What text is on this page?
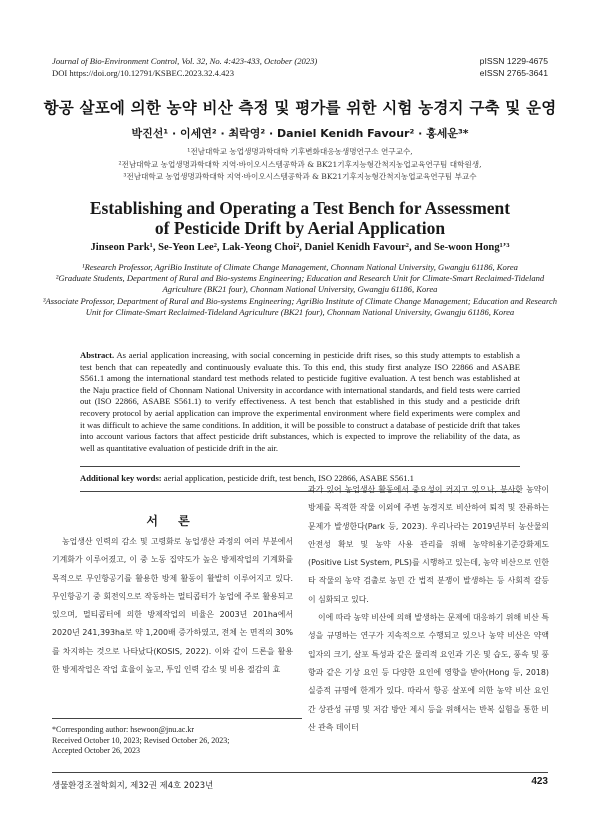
Journal of Bio-Environment Control, Vol. 32, No. 4:423-433, October (2023)
DOI https://doi.org/10.12791/KSBEC.2023.32.4.423
pISSN 1229-4675
eISSN 2765-3641
항공 살포에 의한 농약 비산 측정 및 평가를 위한 시험 농경지 구축 및 운영
박진선¹ · 이세연² · 최락영² · Daniel Kenidh Favour² · 홍세운³*
¹전남대학교 농업생명과학대학 기후변화대응농생명연구소 연구교수,
²전남대학교 농업생명과학대학 지역·바이오시스템공학과 & BK21기후지능형간척지농업교육연구팀 대학원생,
³전남대학교 농업생명과학대학 지역·바이오시스템공학과 & BK21기후지능형간척지농업교육연구팀 부교수
Establishing and Operating a Test Bench for Assessment
of Pesticide Drift by Aerial Application
Jinseon Park¹, Se-Yeon Lee², Lak-Yeong Choi², Daniel Kenidh Favour², and Se-woon Hong¹ʼ³
¹Research Professor, AgriBio Institute of Climate Change Management, Chonnam National University, Gwangju 61186, Korea
²Graduate Students, Department of Rural and Bio-systems Engineering; Education and Research Unit for Climate-Smart Reclaimed-Tideland Agriculture (BK21 four), Chonnam National University, Gwangju 61186, Korea
³Associate Professor, Department of Rural and Bio-systems Engineering; AgriBio Institute of Climate Change Management; Education and Research Unit for Climate-Smart Reclaimed-Tideland Agriculture (BK21 four), Chonnam National University, Gwangju 61186, Korea
Abstract. As aerial application increasing, with social concerning in pesticide drift rises, so this study attempts to establish a test bench that can repeatedly and continuously evaluate this. To this end, this study first analyze ISO 22866 and ASABE S561.1 among the international standard test methods related to pesticide fugitive evaluation. A test bench was established at the Naju practice field of Chonnam National University in accordance with international standards, and field tests were carried out (ISO 22866, ASABE S561.1) to verify effectiveness. A test bench that established in this study and a pesticide drift recovery protocol by aerial application can improve the experimental environment where field experiments were complex and it was difficult to achieve the same conditions. In addition, it will be possible to construct a database of pesticide drift that takes into account various factors that affect pesticide drift substances, which is expected to improve the reliability of the data, as well as quantitative evaluation of pesticide drift in the air.
Additional key words: aerial application, pesticide drift, test bench, ISO 22866, ASABE S561.1
서 론

농업생산 인력의 감소 및 고령화로 농업생산 과정의 여러 부분에서 기계화가 이루어졌고, 이 중 노동 집약도가 높은 방제작업의 기계화를 목적으로 무인항공기를 활용한 방제 활동이 활발히 이루어지고 있다. 무인항공기 중 회전익으로 작동하는 멀티콥터가 농업에 주로 활용되고 있으며, 멀티콥터에 의한 방제작업의 비율은 2003년 201ha에서 2020년 241,393ha로 약 1,200배 증가하였고, 전체 논 면적의 30%를 차지하는 것으로 나타났다(KOSIS, 2022). 이와 같이 드론을 활용한 방제작업은 작업 효율이 높고, 투입 인력 감소 및 비용 절감의 효

과가 있어 농업생산 활동에서 중요성이 커지고 있으나, 분사한 농약이 방제를 목적한 작물 이외에 주변 농경지로 비산하여 퇴적 및 잔류하는 문제가 발생한다(Park 등, 2023). 우리나라는 2019년부터 농산물의 안전성 확보 및 농약 사용 관리를 위해 농약허용기준강화제도(Positive List System, PLS)를 시행하고 있는데, 농약 비산으로 인한 타 작물의 농약 검출로 농민 간 법적 분쟁이 발생하는 등 사회적 갈등이 심화되고 있다.

이에 따라 농약 비산에 의해 발생하는 문제에 대응하기 위해 비산 특성을 규명하는 연구가 지속적으로 수행되고 있으나 농약 비산은 약액 입자의 크기, 살포 특성과 같은 물리적 요인과 기온 및 습도, 풍속 및 풍향과 같은 기상 요인 등 다양한 요인에 영향을 받아(Hong 등, 2018) 실증적 규명에 한계가 있다. 따라서 항공 살포에 의한 농약 비산 요인 간 상관성 규명 및 저감 방안 제시 등을 위해서는 반복 실험을 통한 비산 관측 데이터

*Corresponding author: hsewoon@jnu.ac.kr
Received October 10, 2023; Revised October 26, 2023;
Accepted October 26, 2023
생물환경조절학회지, 제32권 제4호 2023년	423
